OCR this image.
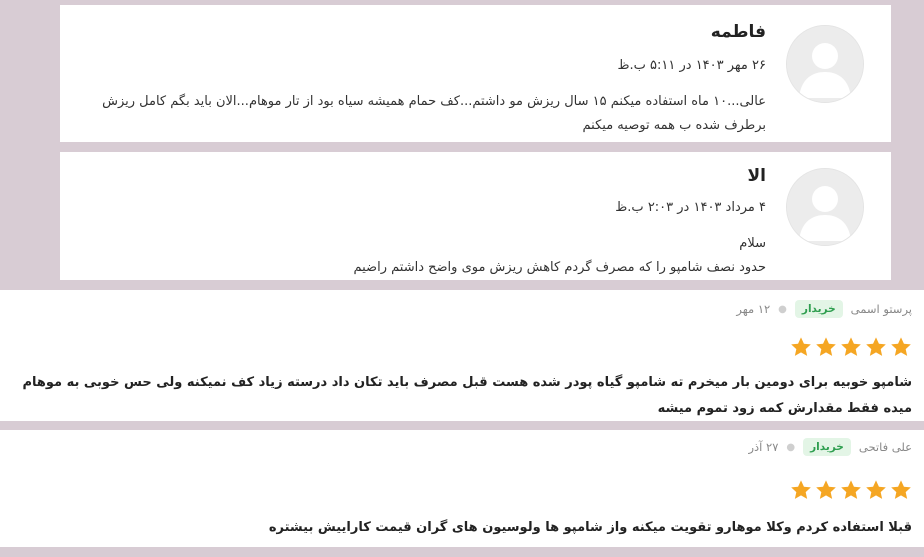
فاطمه
۲۶ مهر ۱۴۰۳ در ۵:۱۱ ب.ظ
عالی...۱۰ ماه استفاده میکنم ۱۵ سال ریزش مو داشتم...کف حمام همیشه سیاه بود از تار موهام...الان باید بگم کامل ریزش برطرف شده ب همه توصیه میکنم
الا
۴ مرداد ۱۴۰۳ در ۲:۰۳ ب.ظ
سلام
حدود نصف شامپو را که مصرف گردم کاهش ریزش موی واضح داشتم راضیم
پرستو اسمی
خریدار
●
۱۲ مهر
شامپو خوبیه برای دومین بار میخرم ته شامپو گیاه پودر شده هست قبل مصرف باید تکان داد درسته زیاد کف نمیکنه ولی حس خوبی به موهام میده فقط مقدارش کمه زود تموم میشه
علی فاتحی
خریدار
●
۲۷ آذر
قبلا استفاده کردم وکلا موهارو تقویت میکنه واز شامپو ها ولوسیون های گران قیمت کاراییش بیشتره
